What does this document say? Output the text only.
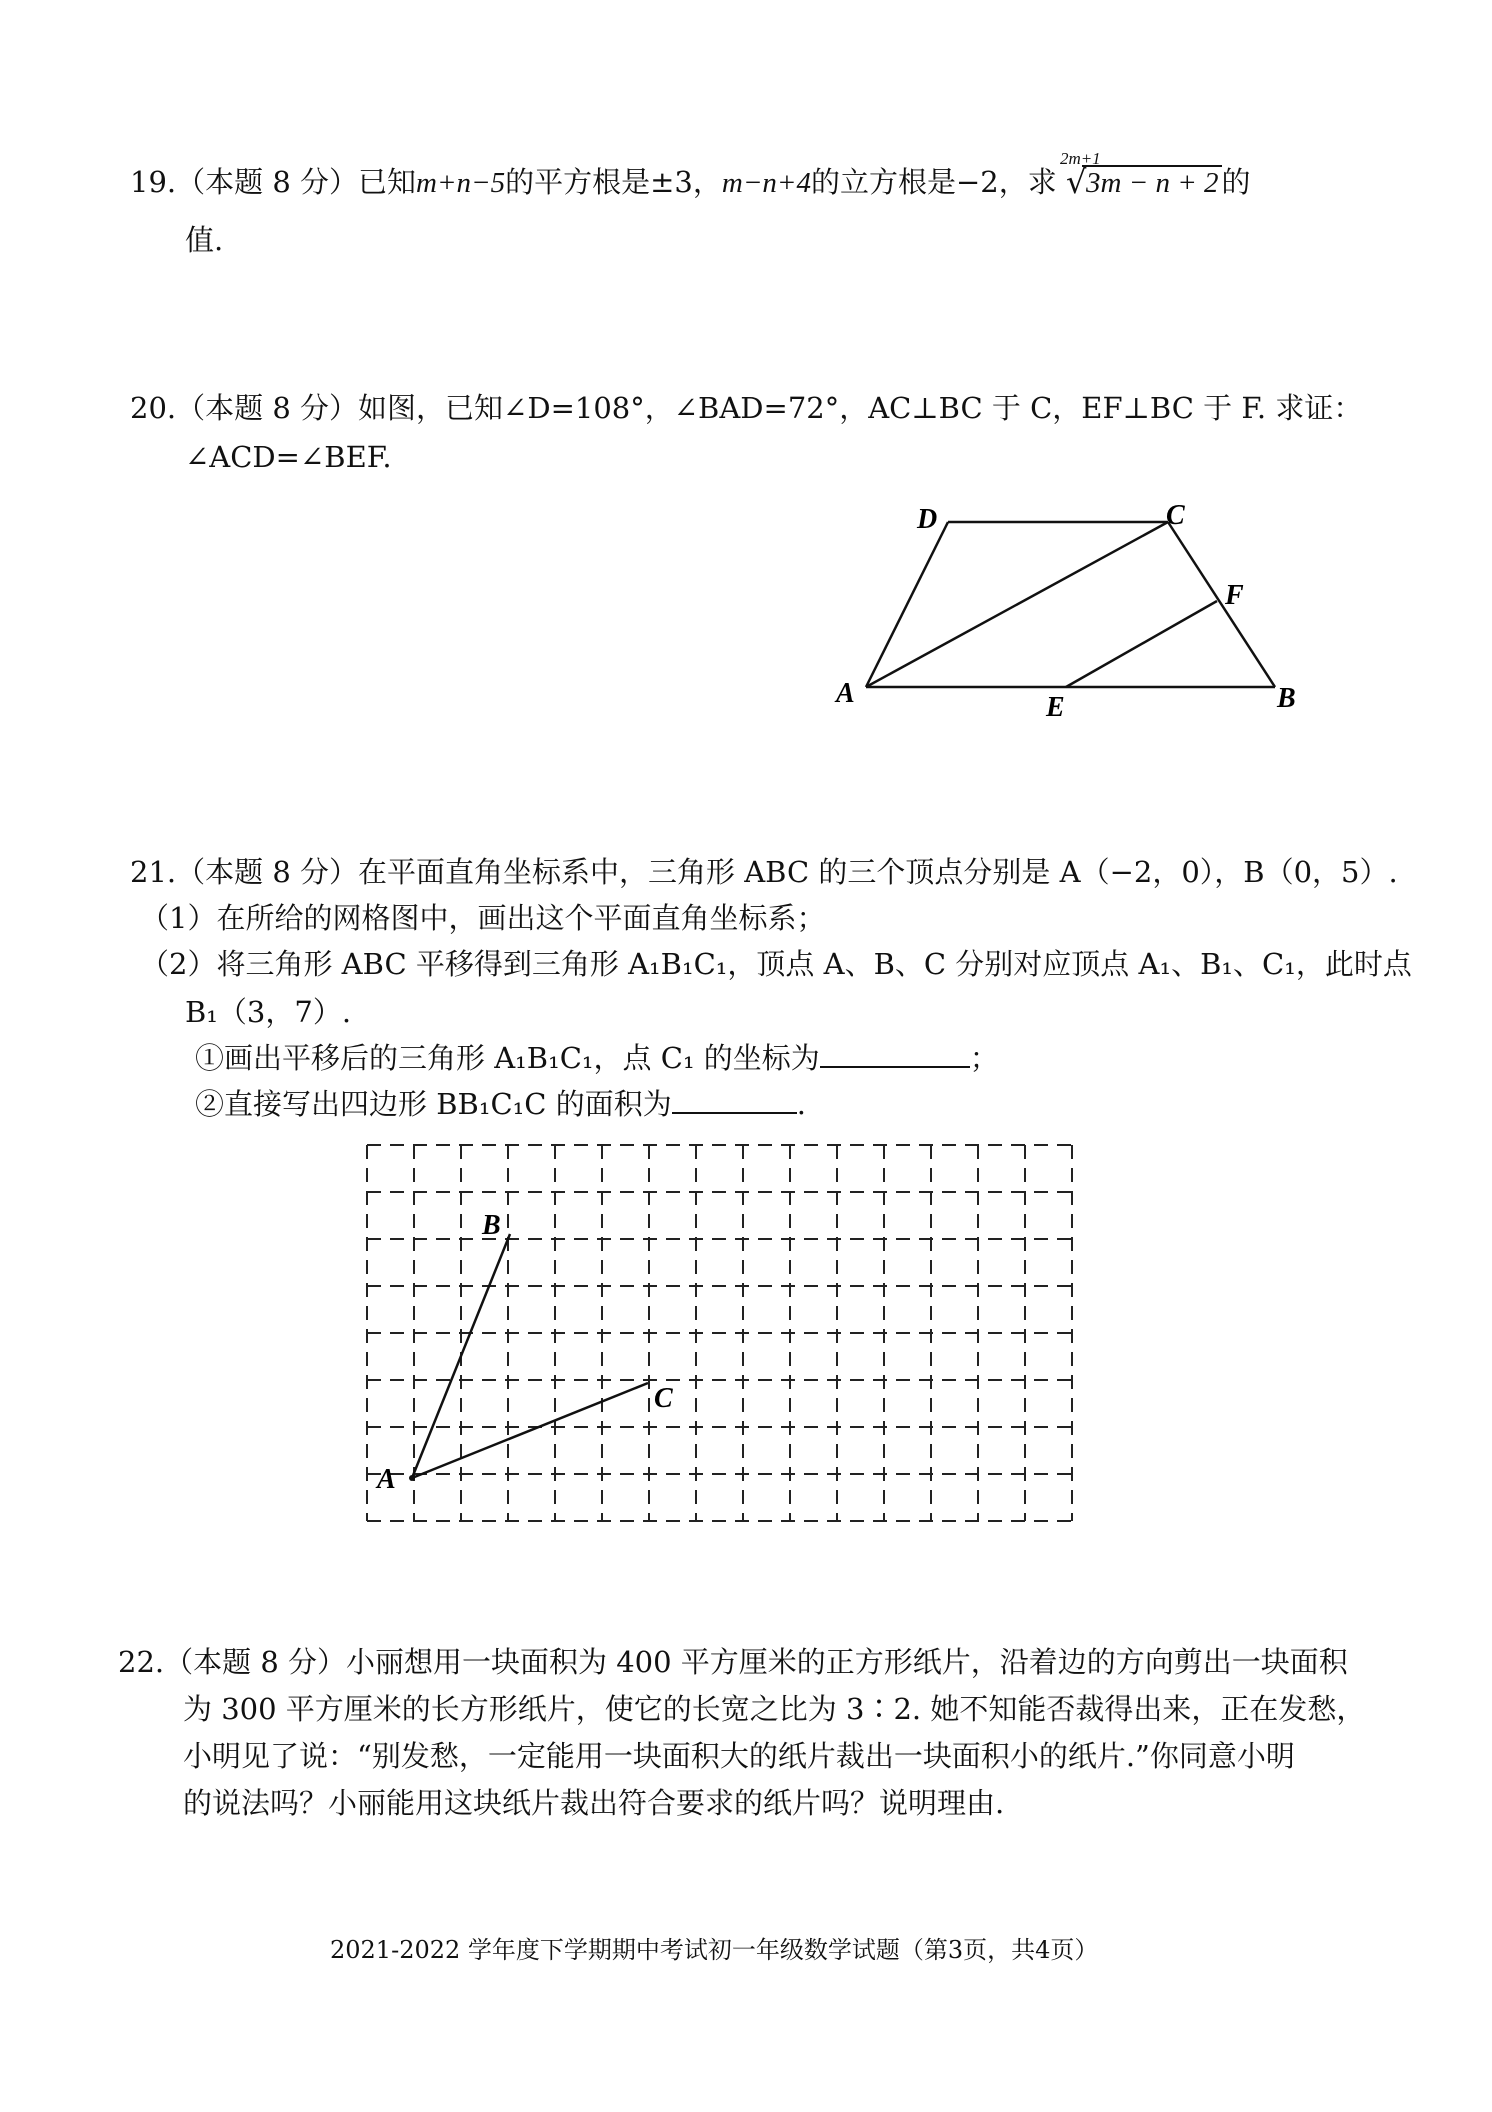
19.（本题 8 分）已知m+n−5的平方根是±3，m−n+4的立方根是−2，求
2m+1
√ 3m − n + 2 的
值.
20.（本题 8 分）如图，已知∠D=108°，∠BAD=72°，AC⊥BC 于 C，EF⊥BC 于 F. 求证：
∠ACD=∠BEF.
D	C
F
A	E	B
21.（本题 8 分）在平面直角坐标系中，三角形 ABC 的三个顶点分别是 A（−2，0），B（0，5）.
（1）在所给的网格图中，画出这个平面直角坐标系；
（2）将三角形 ABC 平移得到三角形 A₁B₁C₁，顶点 A、B、C 分别对应顶点 A₁、B₁、C₁，此时点
B₁（3，7）.
①画出平移后的三角形 A₁B₁C₁，点 C₁ 的坐标为	；
②直接写出四边形 BB₁C₁C 的面积为	.
B
C
A
22.（本题 8 分）小丽想用一块面积为 400 平方厘米的正方形纸片，沿着边的方向剪出一块面积
为 300 平方厘米的长方形纸片，使它的长宽之比为 3∶2. 她不知能否裁得出来，正在发愁，
小明见了说：“别发愁，一定能用一块面积大的纸片裁出一块面积小的纸片.”你同意小明
的说法吗？小丽能用这块纸片裁出符合要求的纸片吗？说明理由.
2021-2022 学年度下学期期中考试初一年级数学试题（第3页，共4页）
